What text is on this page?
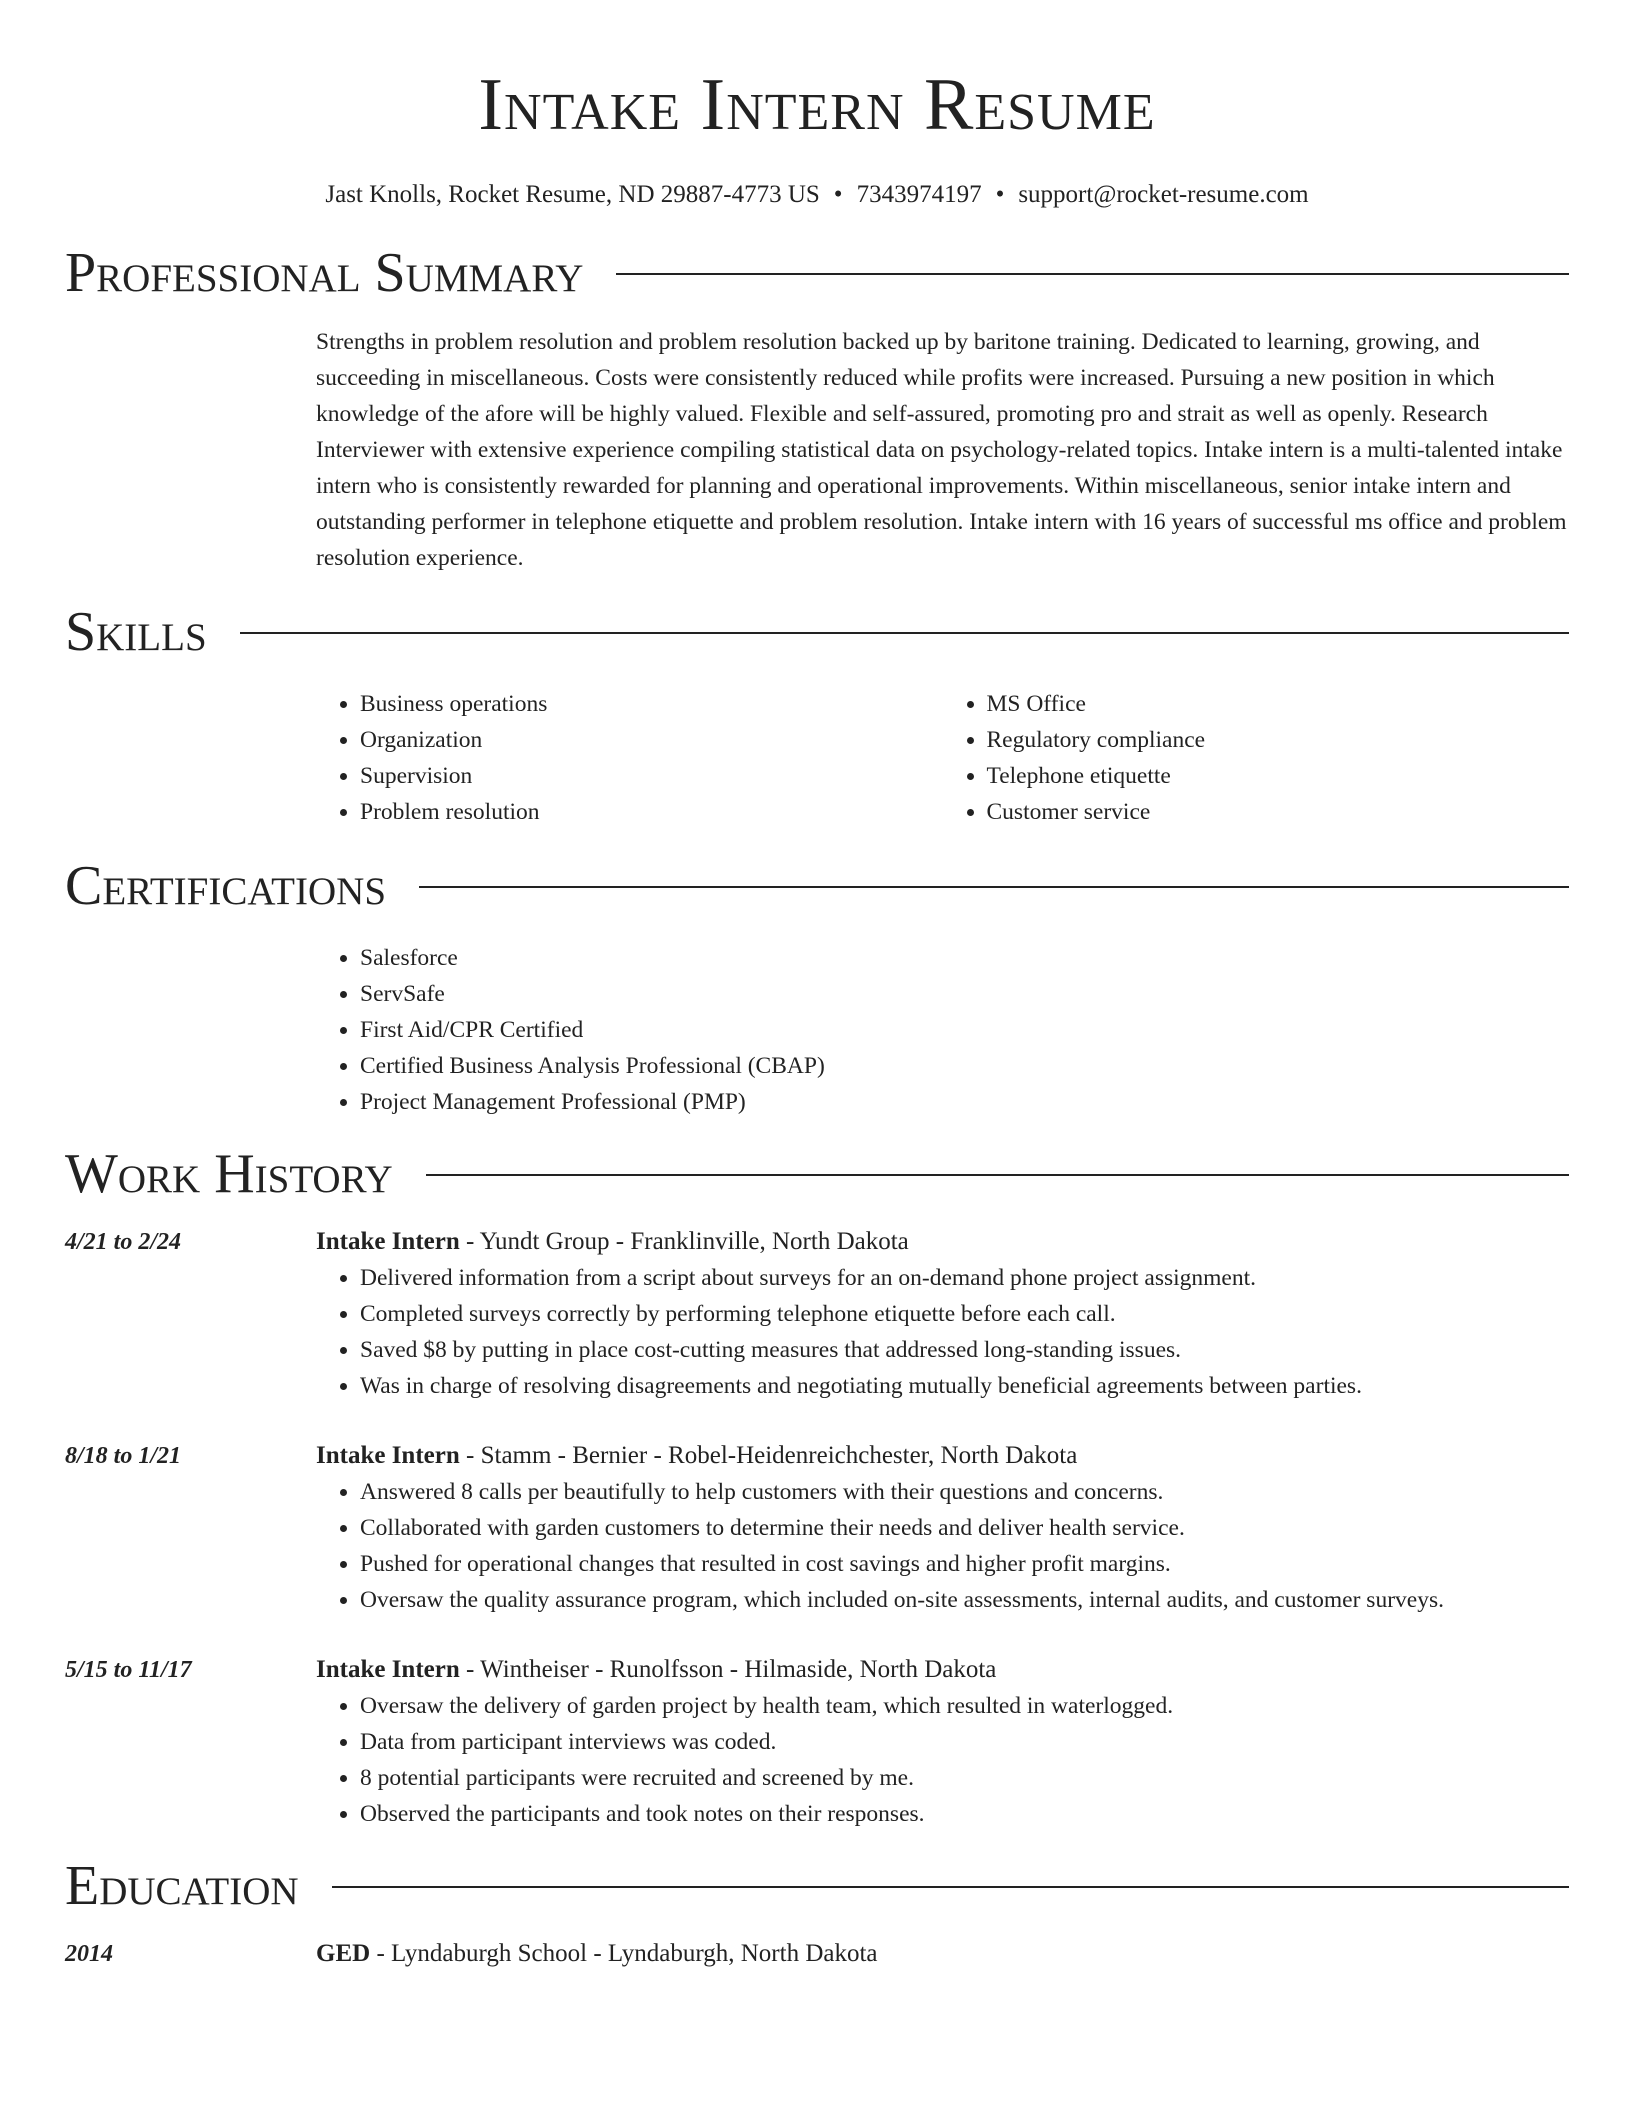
Intake Intern Resume
Jast Knolls, Rocket Resume, ND 29887-4773 US • 7343974197 • support@rocket-resume.com
Professional Summary

Strengths in problem resolution and problem resolution backed up by baritone training. Dedicated to learning, growing, and succeeding in miscellaneous. Costs were consistently reduced while profits were increased. Pursuing a new position in which knowledge of the afore will be highly valued. Flexible and self-assured, promoting pro and strait as well as openly. Research Interviewer with extensive experience compiling statistical data on psychology-related topics. Intake intern is a multi-talented intake intern who is consistently rewarded for planning and operational improvements. Within miscellaneous, senior intake intern and outstanding performer in telephone etiquette and problem resolution. Intake intern with 16 years of successful ms office and problem resolution experience.

Skills
• Business operations
• Organization
• Supervision
• Problem resolution
• MS Office
• Regulatory compliance
• Telephone etiquette
• Customer service
Certifications
• Salesforce
• ServSafe
• First Aid/CPR Certified
• Certified Business Analysis Professional (CBAP)
• Project Management Professional (PMP)
Work History
4/21 to 2/24	Intake Intern - Yundt Group - Franklinville, North Dakota
• Delivered information from a script about surveys for an on-demand phone project assignment.
• Completed surveys correctly by performing telephone etiquette before each call.
• Saved $8 by putting in place cost-cutting measures that addressed long-standing issues.
• Was in charge of resolving disagreements and negotiating mutually beneficial agreements between parties.
8/18 to 1/21	Intake Intern - Stamm - Bernier - Robel-Heidenreichchester, North Dakota
• Answered 8 calls per beautifully to help customers with their questions and concerns.
• Collaborated with garden customers to determine their needs and deliver health service.
• Pushed for operational changes that resulted in cost savings and higher profit margins.
• Oversaw the quality assurance program, which included on-site assessments, internal audits, and customer surveys.
5/15 to 11/17	Intake Intern - Wintheiser - Runolfsson - Hilmaside, North Dakota
• Oversaw the delivery of garden project by health team, which resulted in waterlogged.
• Data from participant interviews was coded.
• 8 potential participants were recruited and screened by me.
• Observed the participants and took notes on their responses.
Education
2014	GED - Lyndaburgh School - Lyndaburgh, North Dakota
